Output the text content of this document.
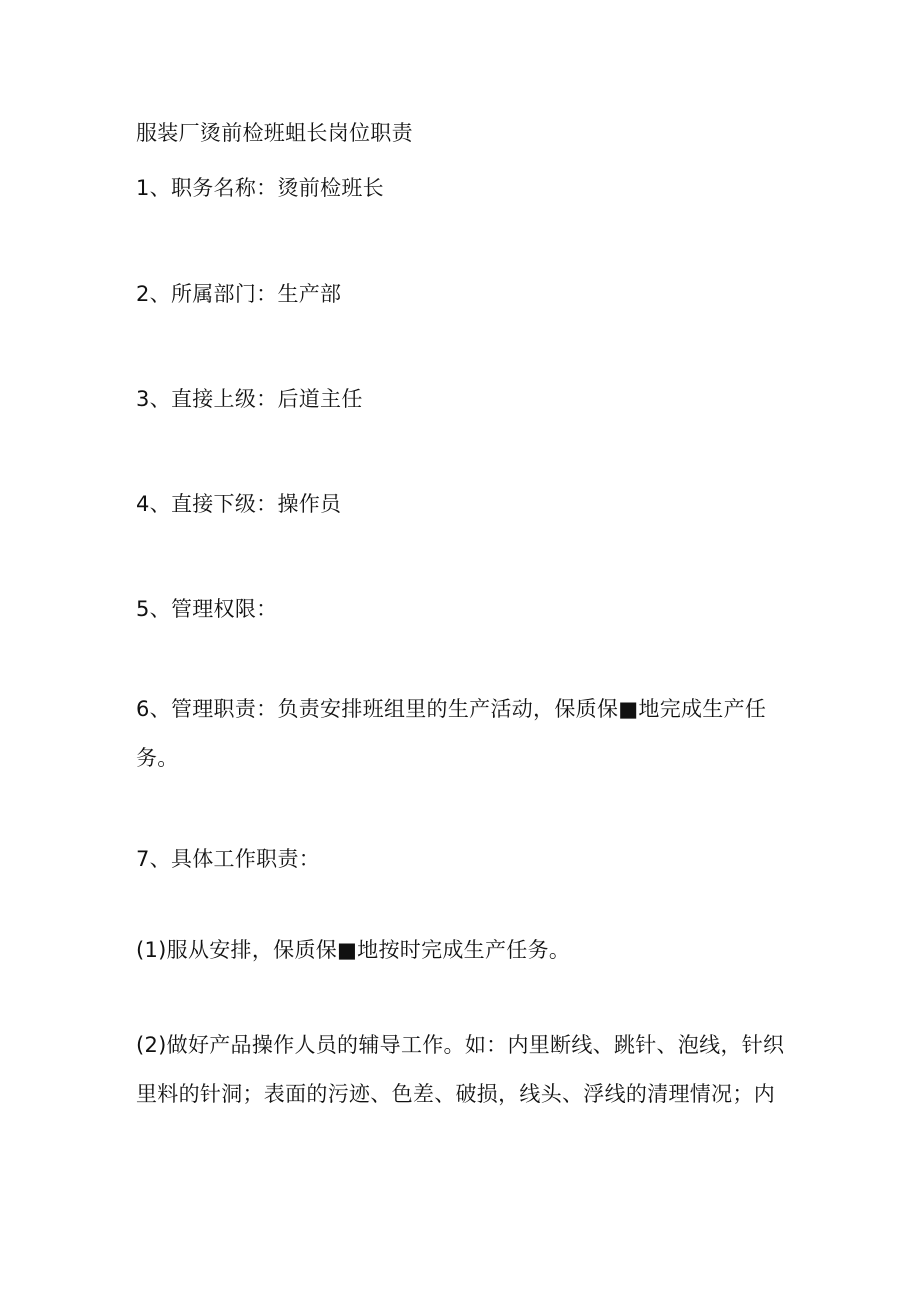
服装厂烫前检班蛆长岗位职责
1、职务名称：烫前检班长
2、所属部门：生产部
3、直接上级：后道主任
4、直接下级：操作员
5、管理权限：
6、管理职责：负责安排班组里的生产活动，保质保■地完成生产任
务。
7、具体工作职责：
(1)服从安排，保质保■地按时完成生产任务。
(2)做好产品操作人员的辅导工作。如：内里断线、跳针、泡线，针织
里料的针洞；表面的污迹、色差、破损，线头、浮线的清理情况；内
